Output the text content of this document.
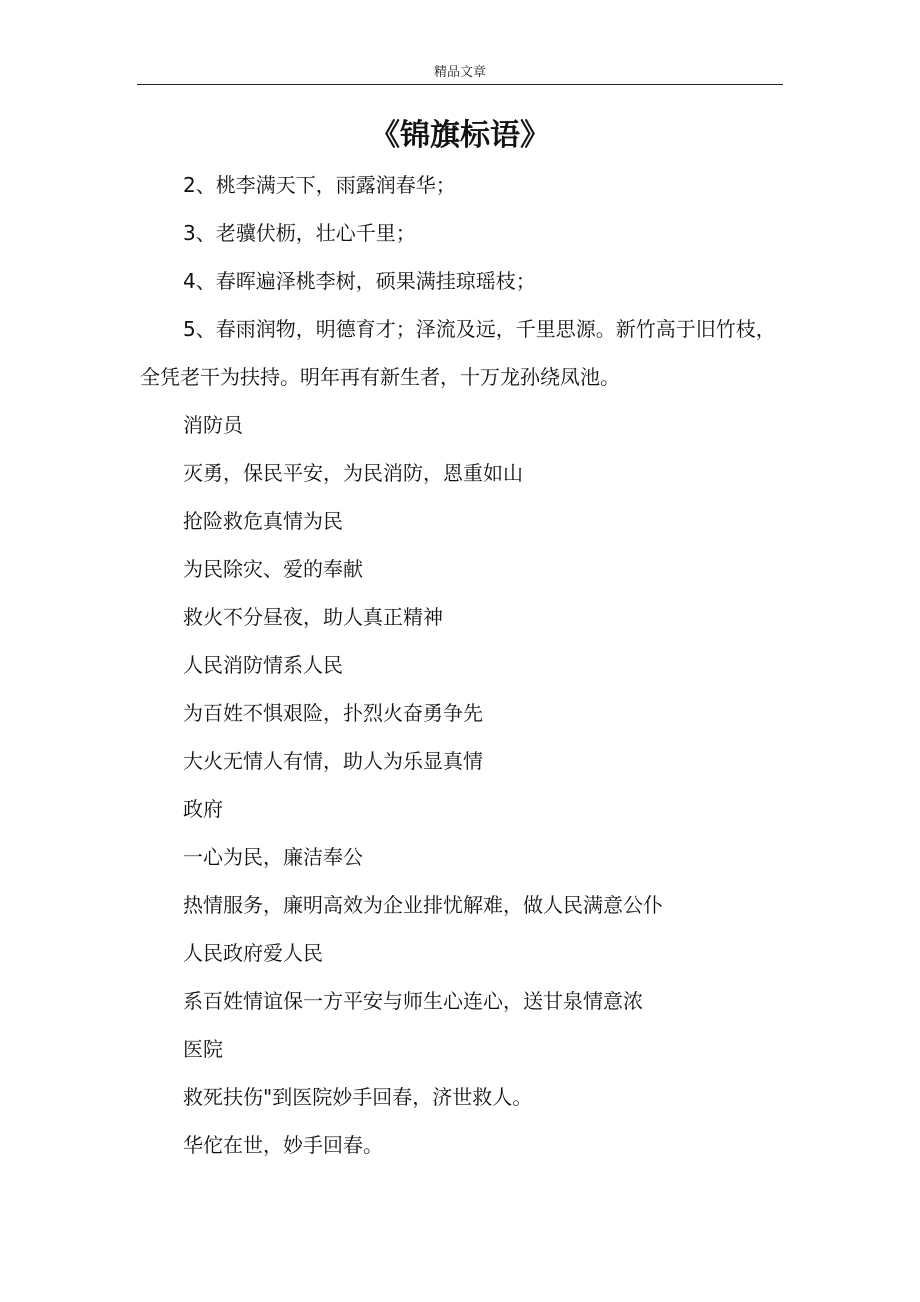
精品文章
《锦旗标语》

2、桃李满天下，雨露润春华；

3、老骥伏枥，壮心千里；

4、春晖遍泽桃李树，硕果满挂琼瑶枝；

5、春雨润物，明德育才；泽流及远，千里思源。新竹高于旧竹枝，全凭老干为扶持。明年再有新生者，十万龙孙绕凤池。

消防员

灭勇，保民平安，为民消防，恩重如山

抢险救危真情为民

为民除灾、爱的奉献

救火不分昼夜，助人真正精神

人民消防情系人民

为百姓不惧艰险，扑烈火奋勇争先

大火无情人有情，助人为乐显真情

政府

一心为民，廉洁奉公

热情服务，廉明高效为企业排忧解难，做人民满意公仆

人民政府爱人民

系百姓情谊保一方平安与师生心连心，送甘泉情意浓

医院

救死扶伤"到医院妙手回春，济世救人。

华佗在世，妙手回春。
